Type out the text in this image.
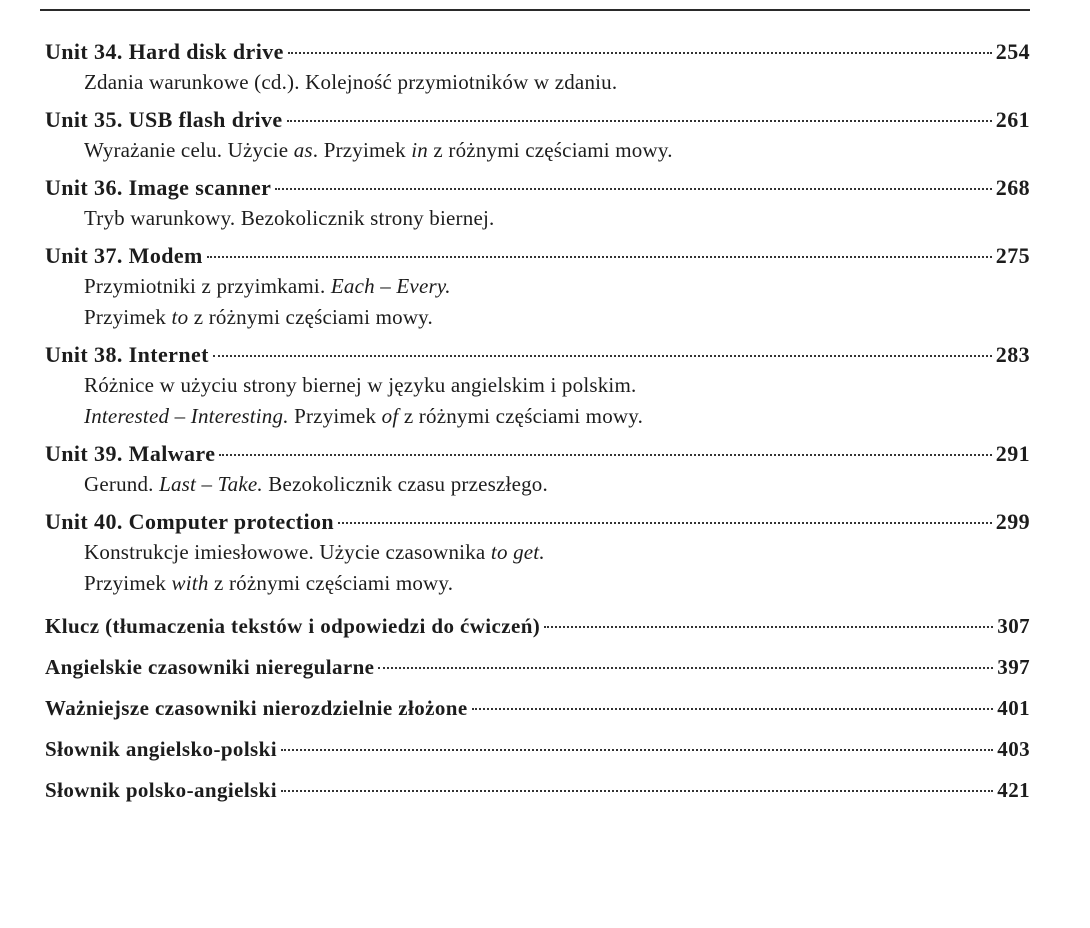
Unit 34. Hard disk drive	254
Zdania warunkowe (cd.). Kolejność przymiotników w zdaniu.
Unit 35. USB flash drive	261
Wyrażanie celu. Użycie as. Przyimek in z różnymi częściami mowy.
Unit 36. Image scanner	268
Tryb warunkowy. Bezokolicznik strony biernej.
Unit 37. Modem	275
Przymiotniki z przyimkami. Each – Every.
Przyimek to z różnymi częściami mowy.
Unit 38. Internet	283
Różnice w użyciu strony biernej w języku angielskim i polskim.
Interested – Interesting. Przyimek of z różnymi częściami mowy.
Unit 39. Malware	291
Gerund. Last – Take. Bezokolicznik czasu przeszłego.
Unit 40. Computer protection	299
Konstrukcje imiesłowowe. Użycie czasownika to get.
Przyimek with z różnymi częściami mowy.
Klucz (tłumaczenia tekstów i odpowiedzi do ćwiczeń)	307
Angielskie czasowniki nieregularne	397
Ważniejsze czasowniki nierozdzielnie złożone	401
Słownik angielsko-polski	403
Słownik polsko-angielski	421
